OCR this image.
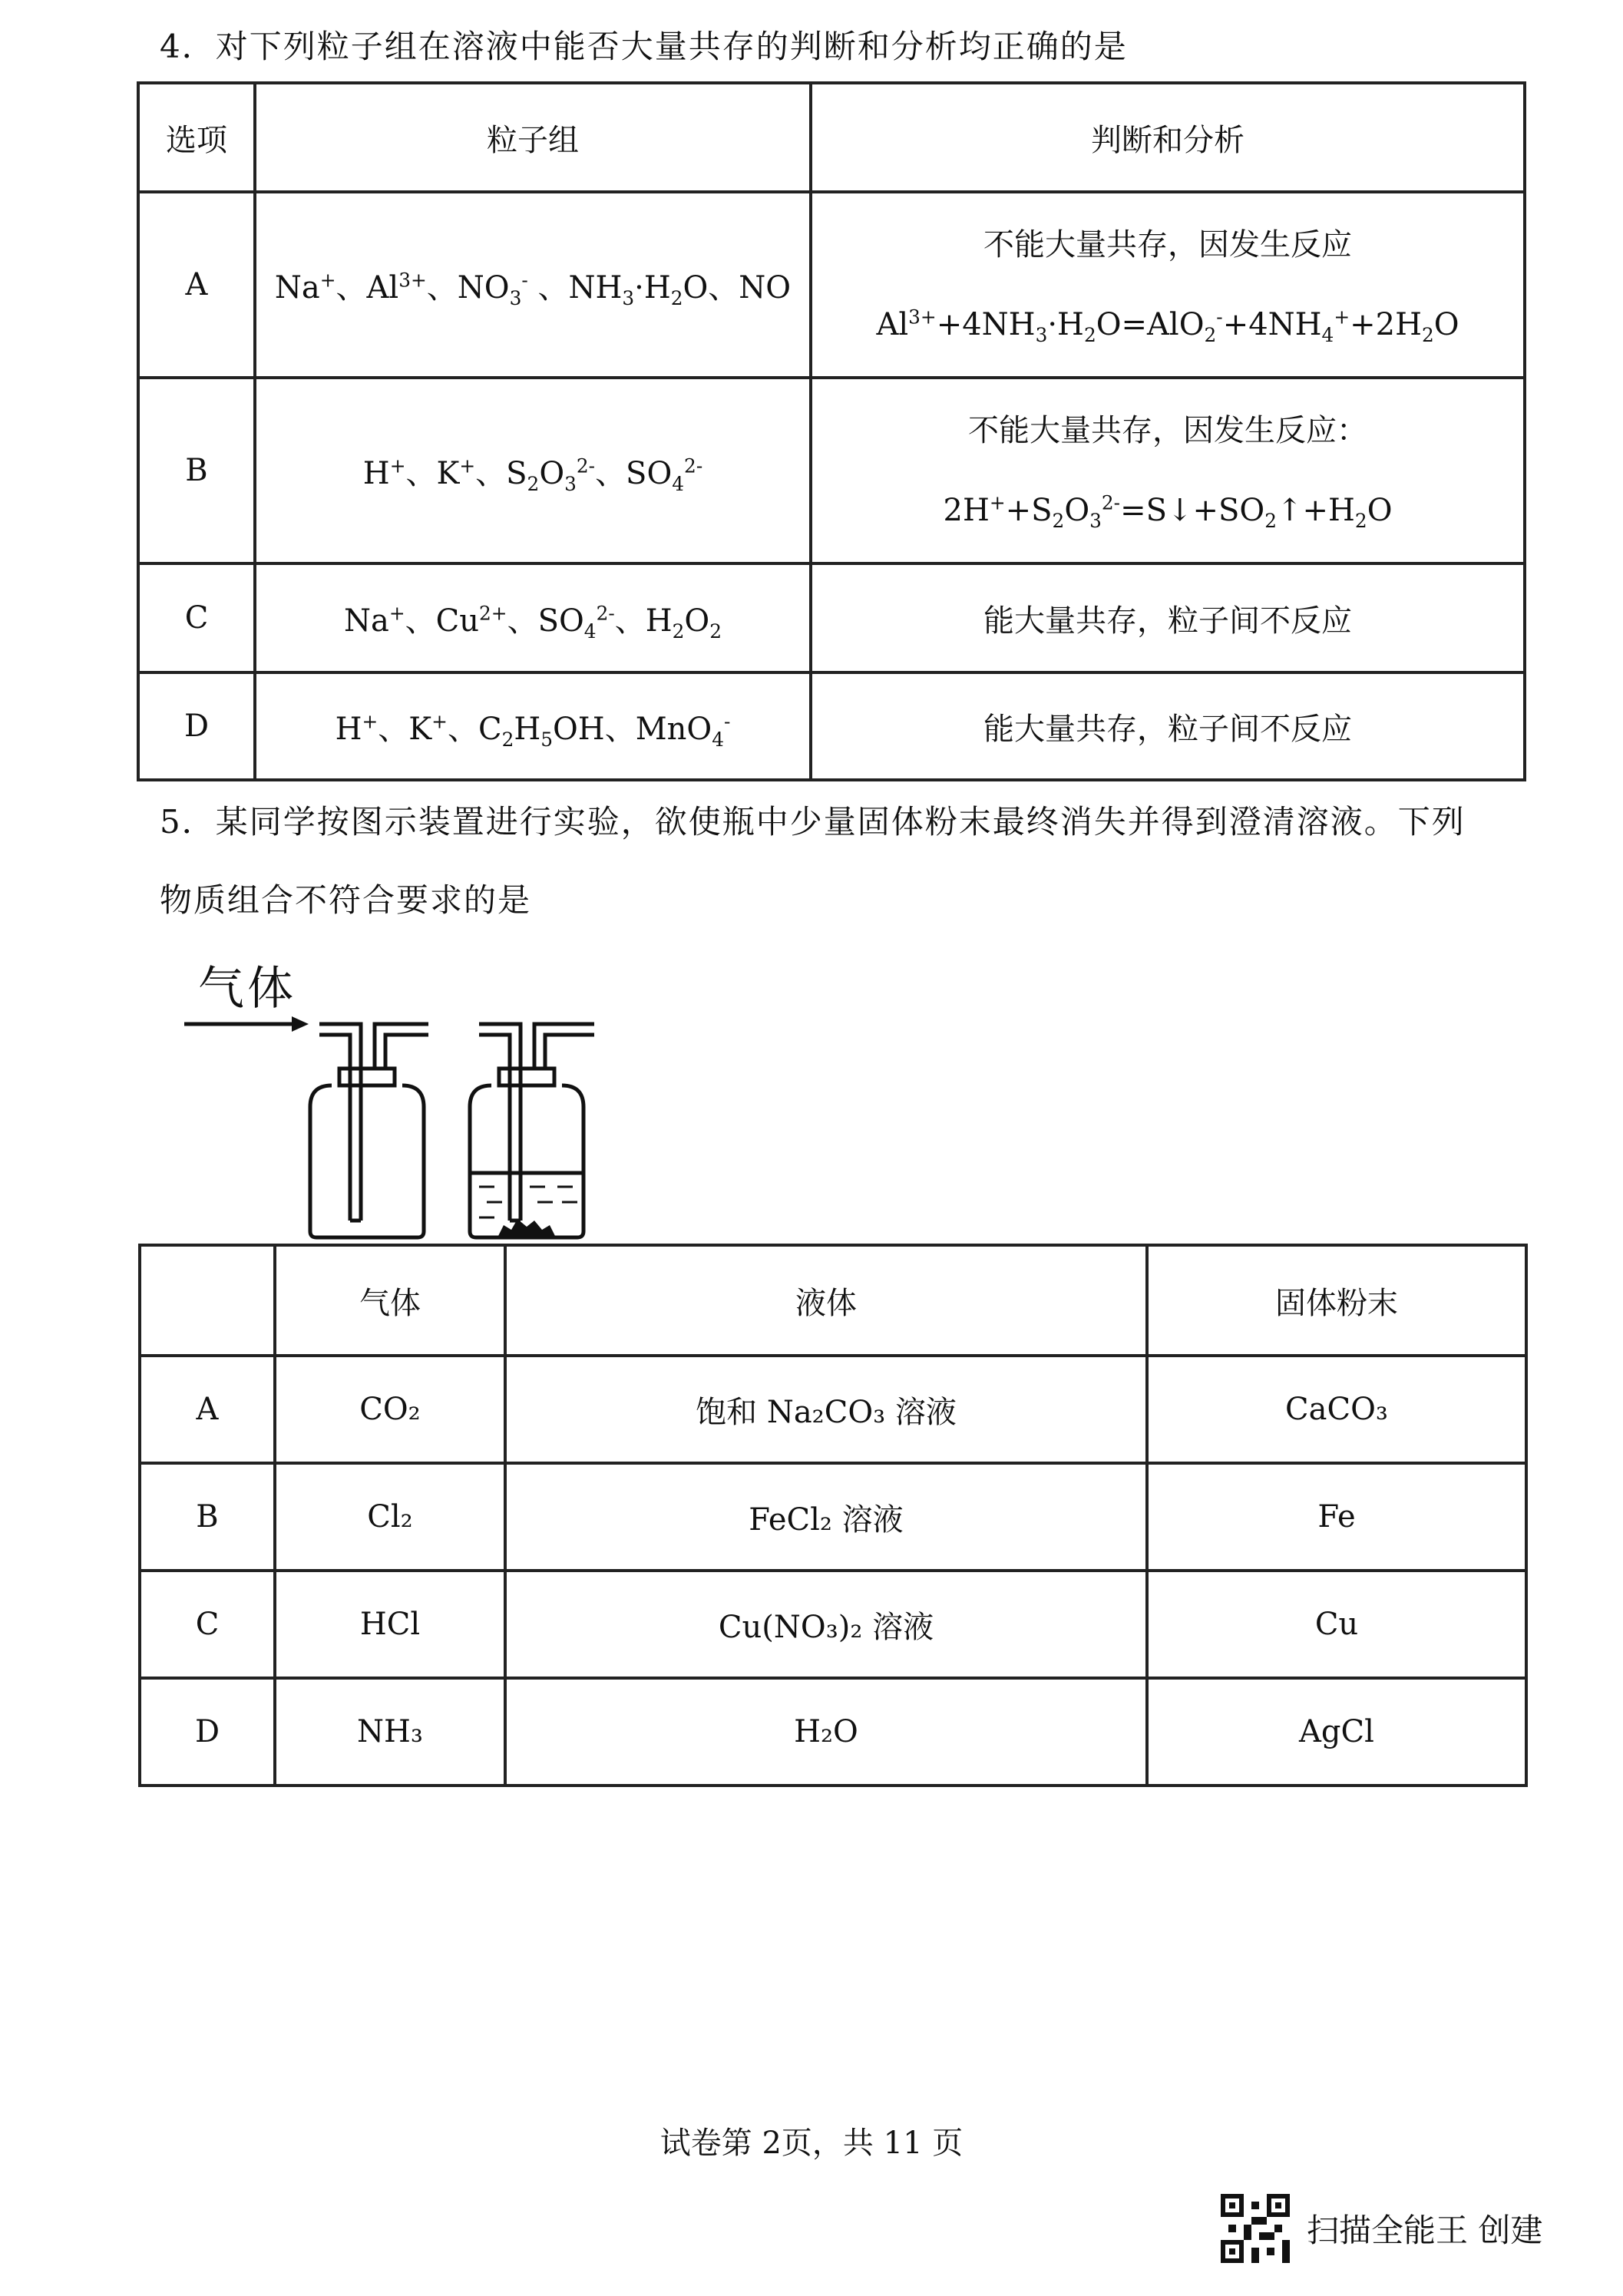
4．对下列粒子组在溶液中能否大量共存的判断和分析均正确的是
选项	粒子组	判断和分析
A	Na+、$Al^{3+}$、$NO_3^-$ 、$NH_3\cdot H_2O$、NO	不能大量共存，因发生反应
$Al^{3+}+4NH_3\cdot H_2O=AlO_2^-+4NH_4^++2H_2O$

B	H+、K+、$S_2O_3^{2-}$、$SO_4^{2-}$	不能大量共存，因发生反应：
$2H^++S_2O_3^{2-}=S↓+SO_2↑+H_2O$

C	Na+、$Cu^{2+}$、$SO_4^{2-}$、$H_2O_2$	能大量共存，粒子间不反应
D	H+、K+、$C_2H_5OH$、MnO$_4$-	能大量共存，粒子间不反应
5．某同学按图示装置进行实验，欲使瓶中少量固体粉末最终消失并得到澄清溶液。下列
物质组合不符合要求的是
气体
	气体	液体	固体粉末
A	CO₂	饱和 Na₂CO₃ 溶液	CaCO₃
B	Cl₂	FeCl₂ 溶液	Fe
C	HCl	Cu(NO₃)₂ 溶液	Cu
D	NH₃	H₂O	AgCl
试卷第 2页，共 11 页
扫描全能王 创建
